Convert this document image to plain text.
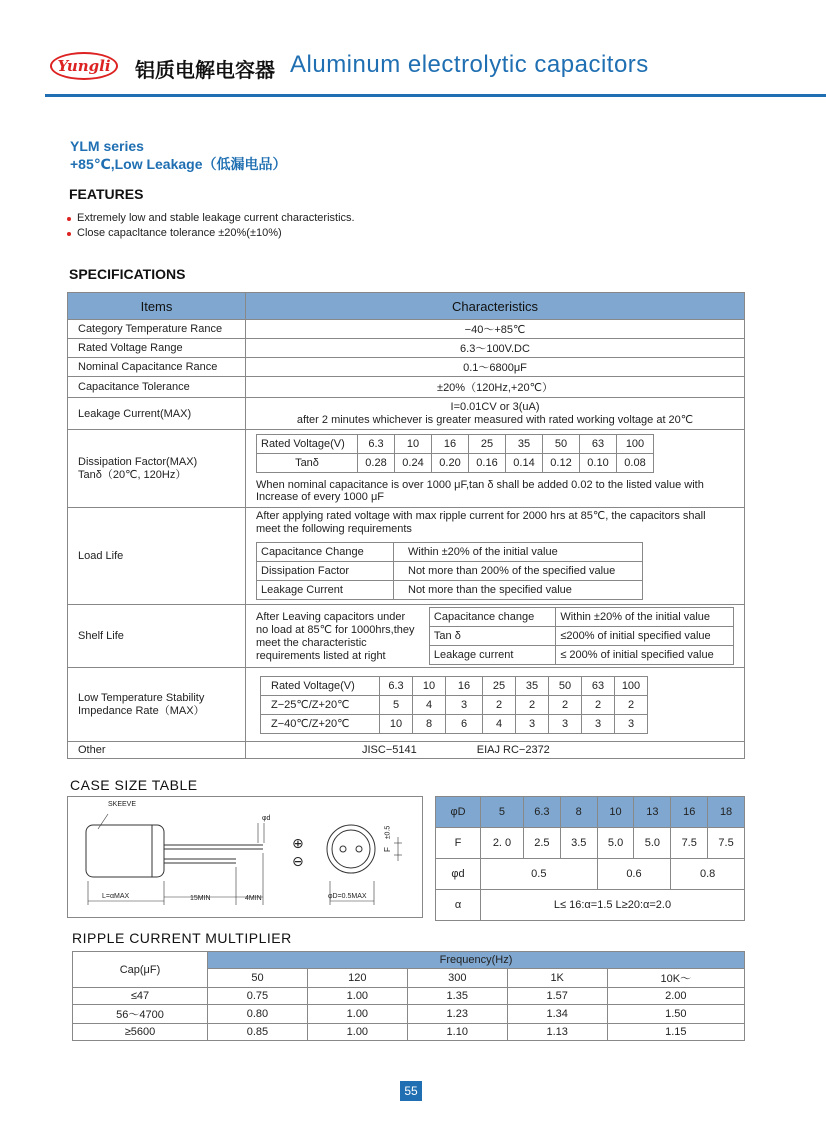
Yungli 铝质电解电容器 Aluminum electrolytic capacitors
YLM series
+85℃,Low Leakage（低漏电品）
FEATURES
Extremely low and stable leakage current characteristics.
Close capacltance tolerance ±20%(±10%)
SPECIFICATIONS
Items	Characteristics
Category Temperature Rance	−40～+85℃
Rated Voltage Range	6.3～100V.DC
Nominal Capacitance Rance	0.1～6800μF
Capacitance Tolerance	±20%（120Hz,+20℃）
Leakage Current(MAX)	
I=0.01CV or 3(uA)
after 2 minutes whichever is greater measured with rated working voltage at 20℃

Dissipation Factor(MAX)
Tanδ（20℃, 120Hz）

Rated Voltage(V)	6.3	10	16	25	35	50	63	100
Tanδ	0.28	0.24	0.20	0.16	0.14	0.12	0.10	0.08
When nominal capacitance is over 1000 μF,tan δ shall be added 0.02 to the listed value with
Increase of every 1000 μF

Load Life	
After applying rated voltage with max ripple current for 2000 hrs at 85℃, the capacitors shall
meet the following requirements
Capacitance Change	Within ±20% of the initial value
Dissipation Factor	Not more than 200% of the specified value
Leakage Current	Not more than the specified value

Shelf Life	
After Leaving capacitors under
no load at 85℃ for 1000hrs,they
meet the characteristic
requirements listed at right
Capacitance change	Within ±20% of the initial value
Tan δ	≤200% of initial specified value
Leakage current	≤ 200% of initial specified value

Low Temperature Stability
Impedance Rate（MAX）

Rated Voltage(V)	6.3	10	16	25	35	50	63	100
Z−25℃/Z+20℃	5	4	3	2	2	2	2	2
Z−40℃/Z+20℃	10	8	6	4	3	3	3	3

Other	JISC−5141	EIAJ RC−2372
CASE SIZE TABLE
SKEEVE
φd
L=αMAX	15MIN	4MIN	φD=0.5MAX
⊕
⊖
F
±0.5
φD	5	6.3	8	10	13	16	18
F	2. 0	2.5	3.5	5.0	5.0	7.5	7.5
φd	0.5			0.6		0.8	
α	L≤ 16:α=1.5 L≥20:α=2.0						
RIPPLE CURRENT MULTIPLIER
Cap(μF)	Frequency(Hz)				
	50	120	300	1K	10K～
≤47	0.75	1.00	1.35	1.57	2.00
56～4700	0.80	1.00	1.23	1.34	1.50
≥5600	0.85	1.00	1.10	1.13	1.15
55
